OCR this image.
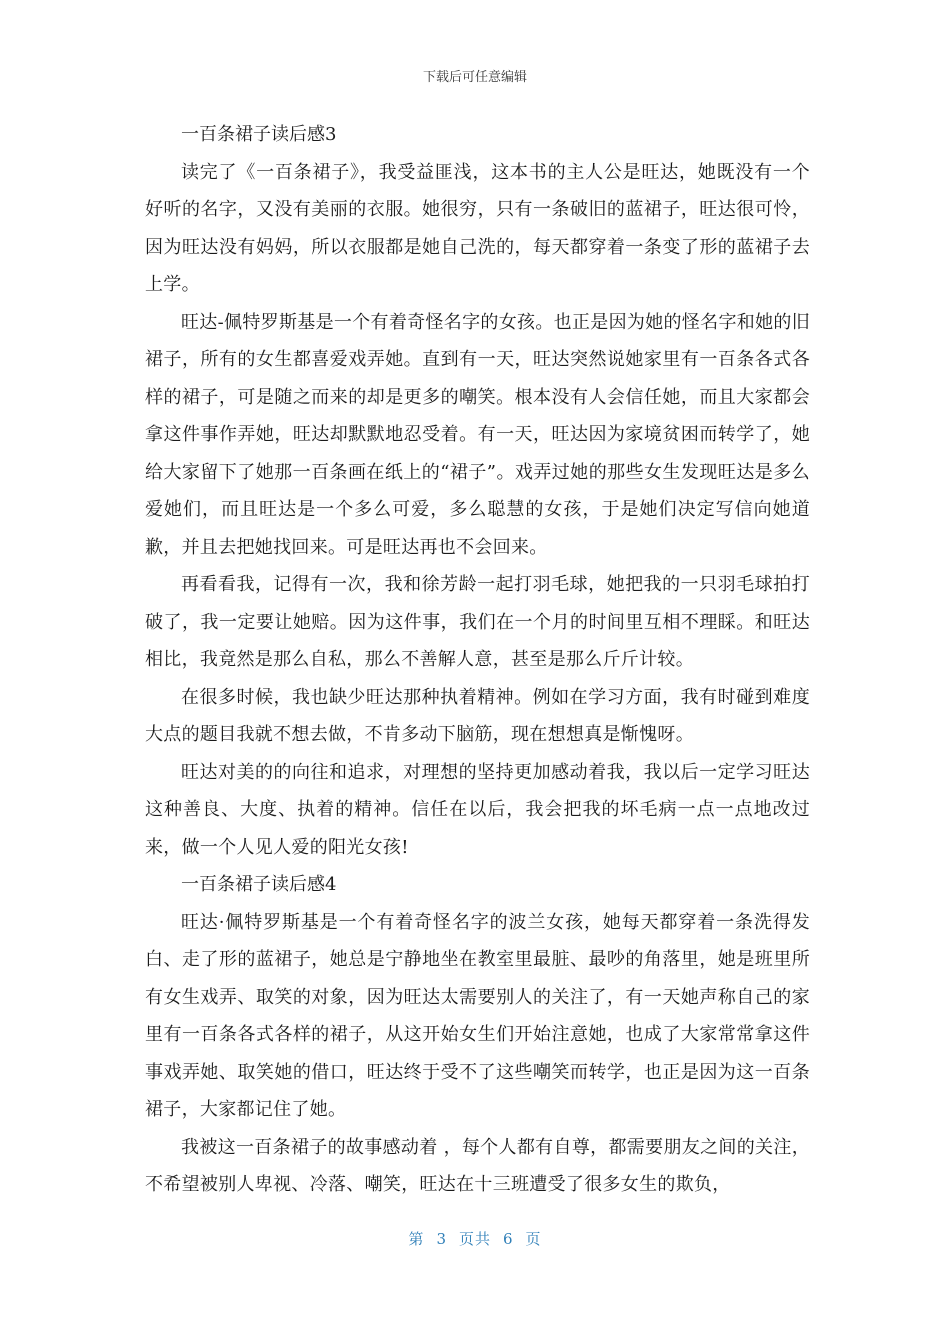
下载后可任意编辑

一百条裙子读后感3

读完了《一百条裙子》，我受益匪浅，这本书的主人公是旺达，她既没有一个好听的名字，又没有美丽的衣服。她很穷，只有一条破旧的蓝裙子，旺达很可怜，因为旺达没有妈妈，所以衣服都是她自己洗的，每天都穿着一条变了形的蓝裙子去上学。

旺达-佩特罗斯基是一个有着奇怪名字的女孩。也正是因为她的怪名字和她的旧裙子，所有的女生都喜爱戏弄她。直到有一天，旺达突然说她家里有一百条各式各样的裙子，可是随之而来的却是更多的嘲笑。根本没有人会信任她，而且大家都会拿这件事作弄她，旺达却默默地忍受着。有一天，旺达因为家境贫困而转学了，她给大家留下了她那一百条画在纸上的“裙子”。戏弄过她的那些女生发现旺达是多么爱她们，而且旺达是一个多么可爱，多么聪慧的女孩，于是她们决定写信向她道歉，并且去把她找回来。可是旺达再也不会回来。

再看看我，记得有一次，我和徐芳龄一起打羽毛球，她把我的一只羽毛球拍打破了，我一定要让她赔。因为这件事，我们在一个月的时间里互相不理睬。和旺达相比，我竟然是那么自私，那么不善解人意，甚至是那么斤斤计较。

在很多时候，我也缺少旺达那种执着精神。例如在学习方面，我有时碰到难度大点的题目我就不想去做，不肯多动下脑筋，现在想想真是惭愧呀。

旺达对美的的向往和追求，对理想的坚持更加感动着我，我以后一定学习旺达这种善良、大度、执着的精神。信任在以后，我会把我的坏毛病一点一点地改过来，做一个人见人爱的阳光女孩!

一百条裙子读后感4

旺达·佩特罗斯基是一个有着奇怪名字的波兰女孩，她每天都穿着一条洗得发白、走了形的蓝裙子，她总是宁静地坐在教室里最脏、最吵的角落里，她是班里所有女生戏弄、取笑的对象，因为旺达太需要别人的关注了，有一天她声称自己的家里有一百条各式各样的裙子，从这开始女生们开始注意她，也成了大家常常拿这件事戏弄她、取笑她的借口，旺达终于受不了这些嘲笑而转学，也正是因为这一百条裙子，大家都记住了她。

我被这一百条裙子的故事感动着 ，每个人都有自尊，都需要朋友之间的关注，不希望被别人卑视、冷落、嘲笑，旺达在十三班遭受了很多女生的欺负，

第 3 页共 6 页
